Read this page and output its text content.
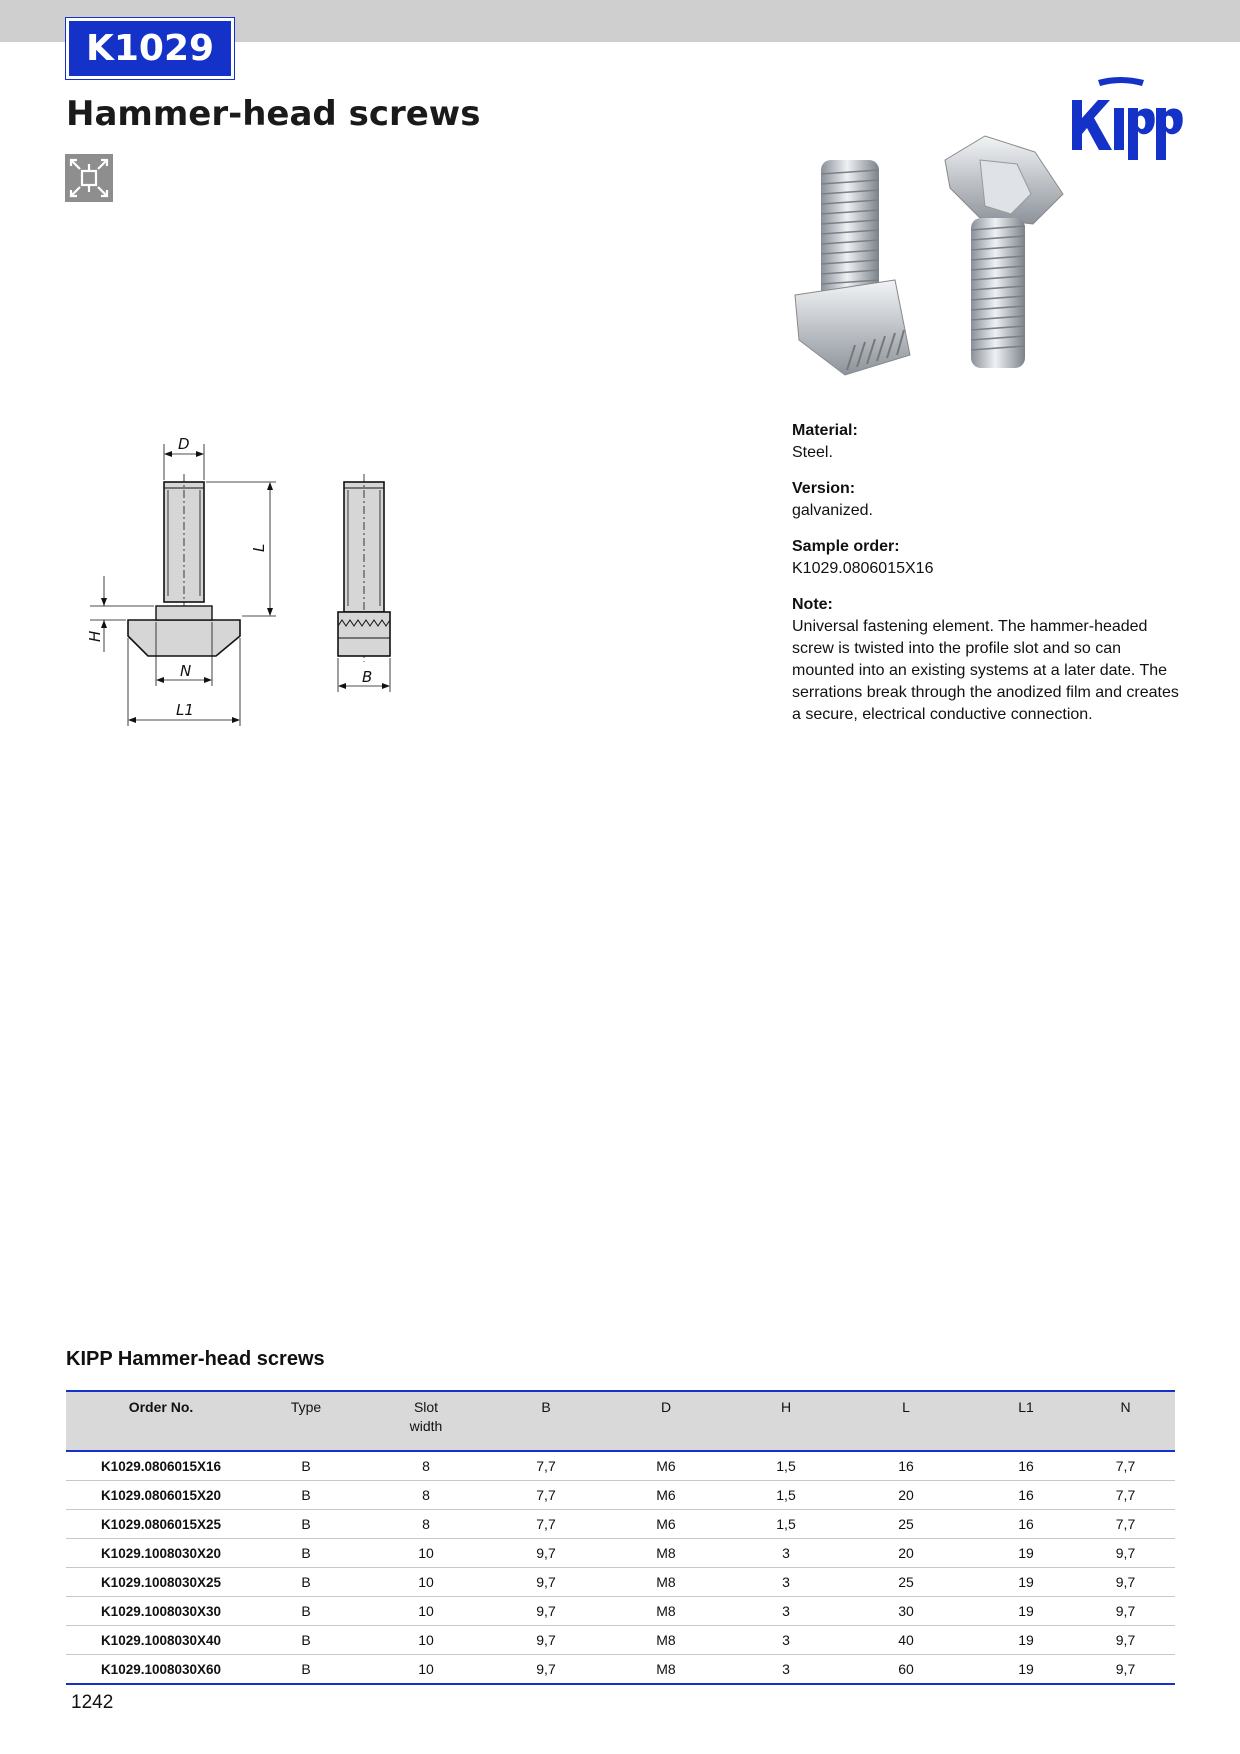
K1029
Hammer-head screws
D
L
H
N
L1
B

Material:

Steel.

Version:

galvanized.

Sample order:

K1029.0806015X16

Note:

Universal fastening element. The hammer-headed screw is twisted into the profile slot and so can mounted into an existing systems at a later date. The serrations break through the anodized film and creates a secure, electrical conductive connection.

KIPP Hammer-head screws
Order No.	Type	Slot
width	B	D	H	L	L1	N
K1029.0806015X16	B	8	7,7	M6	1,5	16	16	7,7
K1029.0806015X20	B	8	7,7	M6	1,5	20	16	7,7
K1029.0806015X25	B	8	7,7	M6	1,5	25	16	7,7
K1029.1008030X20	B	10	9,7	M8	3	20	19	9,7
K1029.1008030X25	B	10	9,7	M8	3	25	19	9,7
K1029.1008030X30	B	10	9,7	M8	3	30	19	9,7
K1029.1008030X40	B	10	9,7	M8	3	40	19	9,7
K1029.1008030X60	B	10	9,7	M8	3	60	19	9,7
1242
